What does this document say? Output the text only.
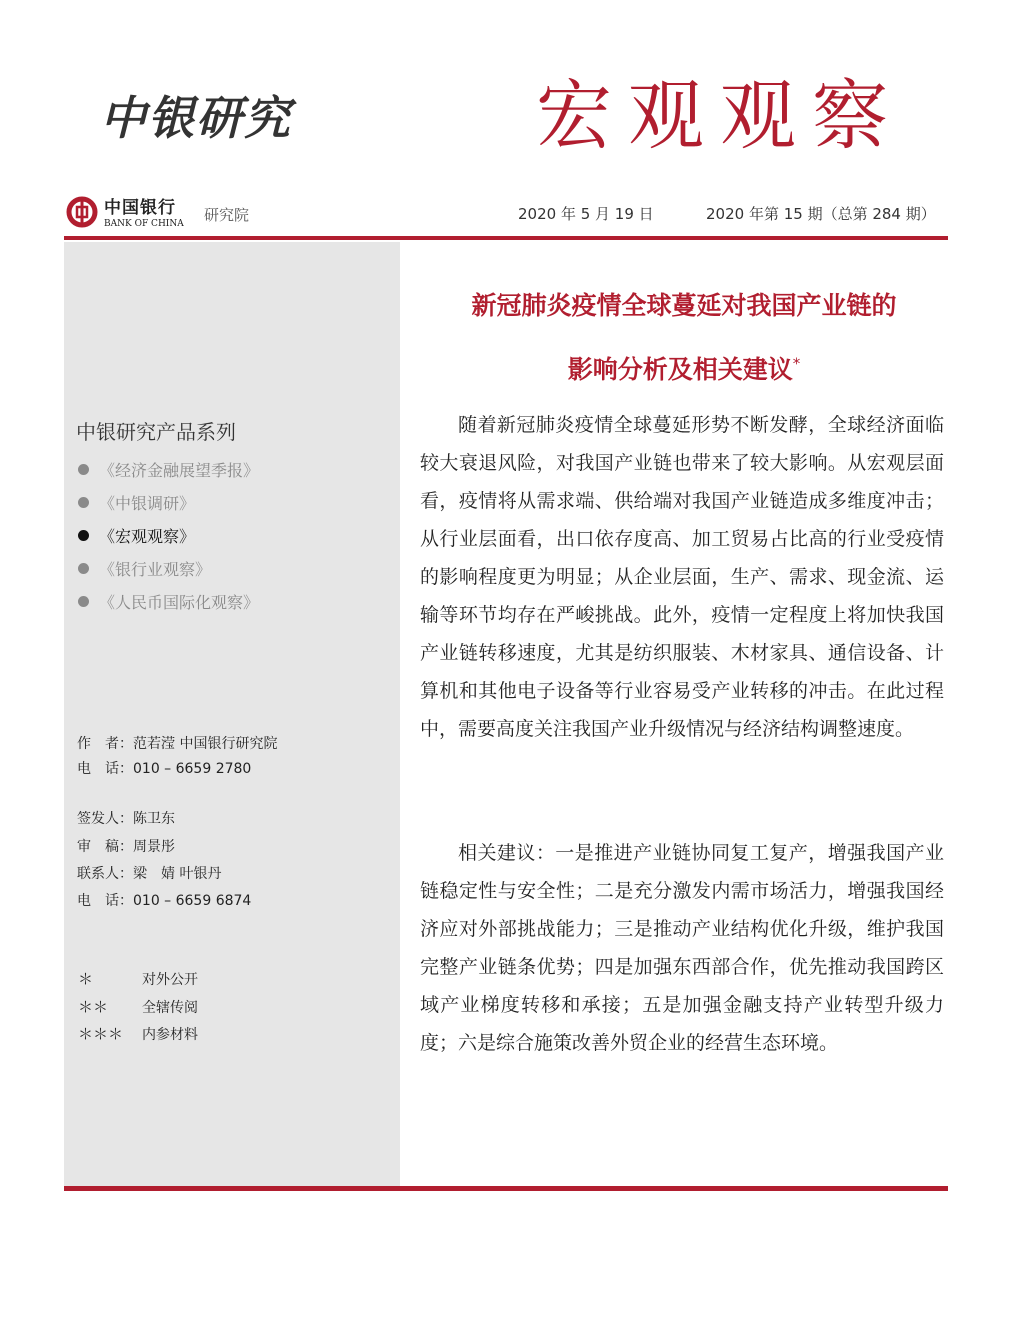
中银研究	宏观观察
中国银行
BANK OF CHINA 研究院	2020 年 5 月 19 日	2020 年第 15 期（总第 284 期）
中银研究产品系列
《经济金融展望季报》
《中银调研》
《宏观观察》
《银行业观察》
《人民币国际化观察》
作　者：范若滢 中国银行研究院
电　话：010 – 6659 2780
签发人：陈卫东
审　稿：周景彤
联系人：梁　婧 叶银丹
电　话：010 – 6659 6874
＊	对外公开
＊＊ 全辖传阅
＊＊＊ 内参材料
新冠肺炎疫情全球蔓延对我国产业链的
影响分析及相关建议*

随着新冠肺炎疫情全球蔓延形势不断发酵，全球经济面临较大衰退风险，对我国产业链也带来了较大影响。从宏观层面看，疫情将从需求端、供给端对我国产业链造成多维度冲击；从行业层面看，出口依存度高、加工贸易占比高的行业受疫情的影响程度更为明显；从企业层面，生产、需求、现金流、运输等环节均存在严峻挑战。此外，疫情一定程度上将加快我国产业链转移速度，尤其是纺织服装、木材家具、通信设备、计算机和其他电子设备等行业容易受产业转移的冲击。在此过程中，需要高度关注我国产业升级情况与经济结构调整速度。

相关建议：一是推进产业链协同复工复产，增强我国产业链稳定性与安全性；二是充分激发内需市场活力，增强我国经济应对外部挑战能力；三是推动产业结构优化升级，维护我国完整产业链条优势；四是加强东西部合作，优先推动我国跨区域产业梯度转移和承接；五是加强金融支持产业转型升级力度；六是综合施策改善外贸企业的经营生态环境。
